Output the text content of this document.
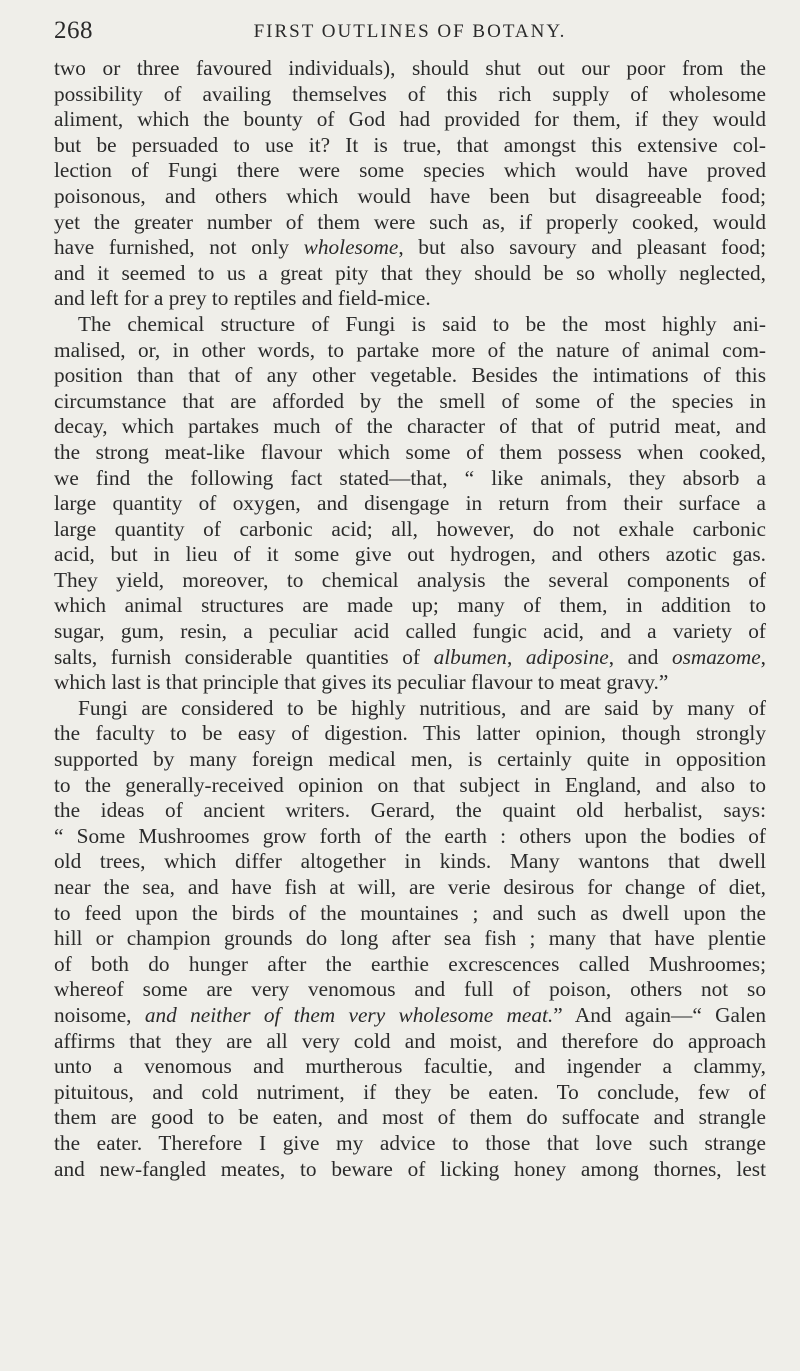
268	FIRST OUTLINES OF BOTANY.
two or three favoured individuals), should shut out our poor from the
possibility of availing themselves of this rich supply of wholesome
aliment, which the bounty of God had provided for them, if they would
but be persuaded to use it? It is true, that amongst this extensive col-
lection of Fungi there were some species which would have proved
poisonous, and others which would have been but disagreeable food;
yet the greater number of them were such as, if properly cooked, would
have furnished, not only wholesome, but also savoury and pleasant food;
and it seemed to us a great pity that they should be so wholly neglected,
and left for a prey to reptiles and field-mice.
The chemical structure of Fungi is said to be the most highly ani-
malised, or, in other words, to partake more of the nature of animal com-
position than that of any other vegetable. Besides the intimations of this
circumstance that are afforded by the smell of some of the species in
decay, which partakes much of the character of that of putrid meat, and
the strong meat-like flavour which some of them possess when cooked,
we find the following fact stated—that, “ like animals, they absorb a
large quantity of oxygen, and disengage in return from their surface a
large quantity of carbonic acid; all, however, do not exhale carbonic
acid, but in lieu of it some give out hydrogen, and others azotic gas.
They yield, moreover, to chemical analysis the several components of
which animal structures are made up; many of them, in addition to
sugar, gum, resin, a peculiar acid called fungic acid, and a variety of
salts, furnish considerable quantities of albumen, adiposine, and osmazome,
which last is that principle that gives its peculiar flavour to meat gravy.”
Fungi are considered to be highly nutritious, and are said by many of
the faculty to be easy of digestion. This latter opinion, though strongly
supported by many foreign medical men, is certainly quite in opposition
to the generally-received opinion on that subject in England, and also to
the ideas of ancient writers. Gerard, the quaint old herbalist, says:
“ Some Mushroomes grow forth of the earth : others upon the bodies of
old trees, which differ altogether in kinds. Many wantons that dwell
near the sea, and have fish at will, are verie desirous for change of diet,
to feed upon the birds of the mountaines ; and such as dwell upon the
hill or champion grounds do long after sea fish ; many that have plentie
of both do hunger after the earthie excrescences called Mushroomes;
whereof some are very venomous and full of poison, others not so
noisome, and neither of them very wholesome meat.” And again—“ Galen
affirms that they are all very cold and moist, and therefore do approach
unto a venomous and murtherous facultie, and ingender a clammy,
pituitous, and cold nutriment, if they be eaten. To conclude, few of
them are good to be eaten, and most of them do suffocate and strangle
the eater. Therefore I give my advice to those that love such strange
and new-fangled meates, to beware of licking honey among thornes, lest
